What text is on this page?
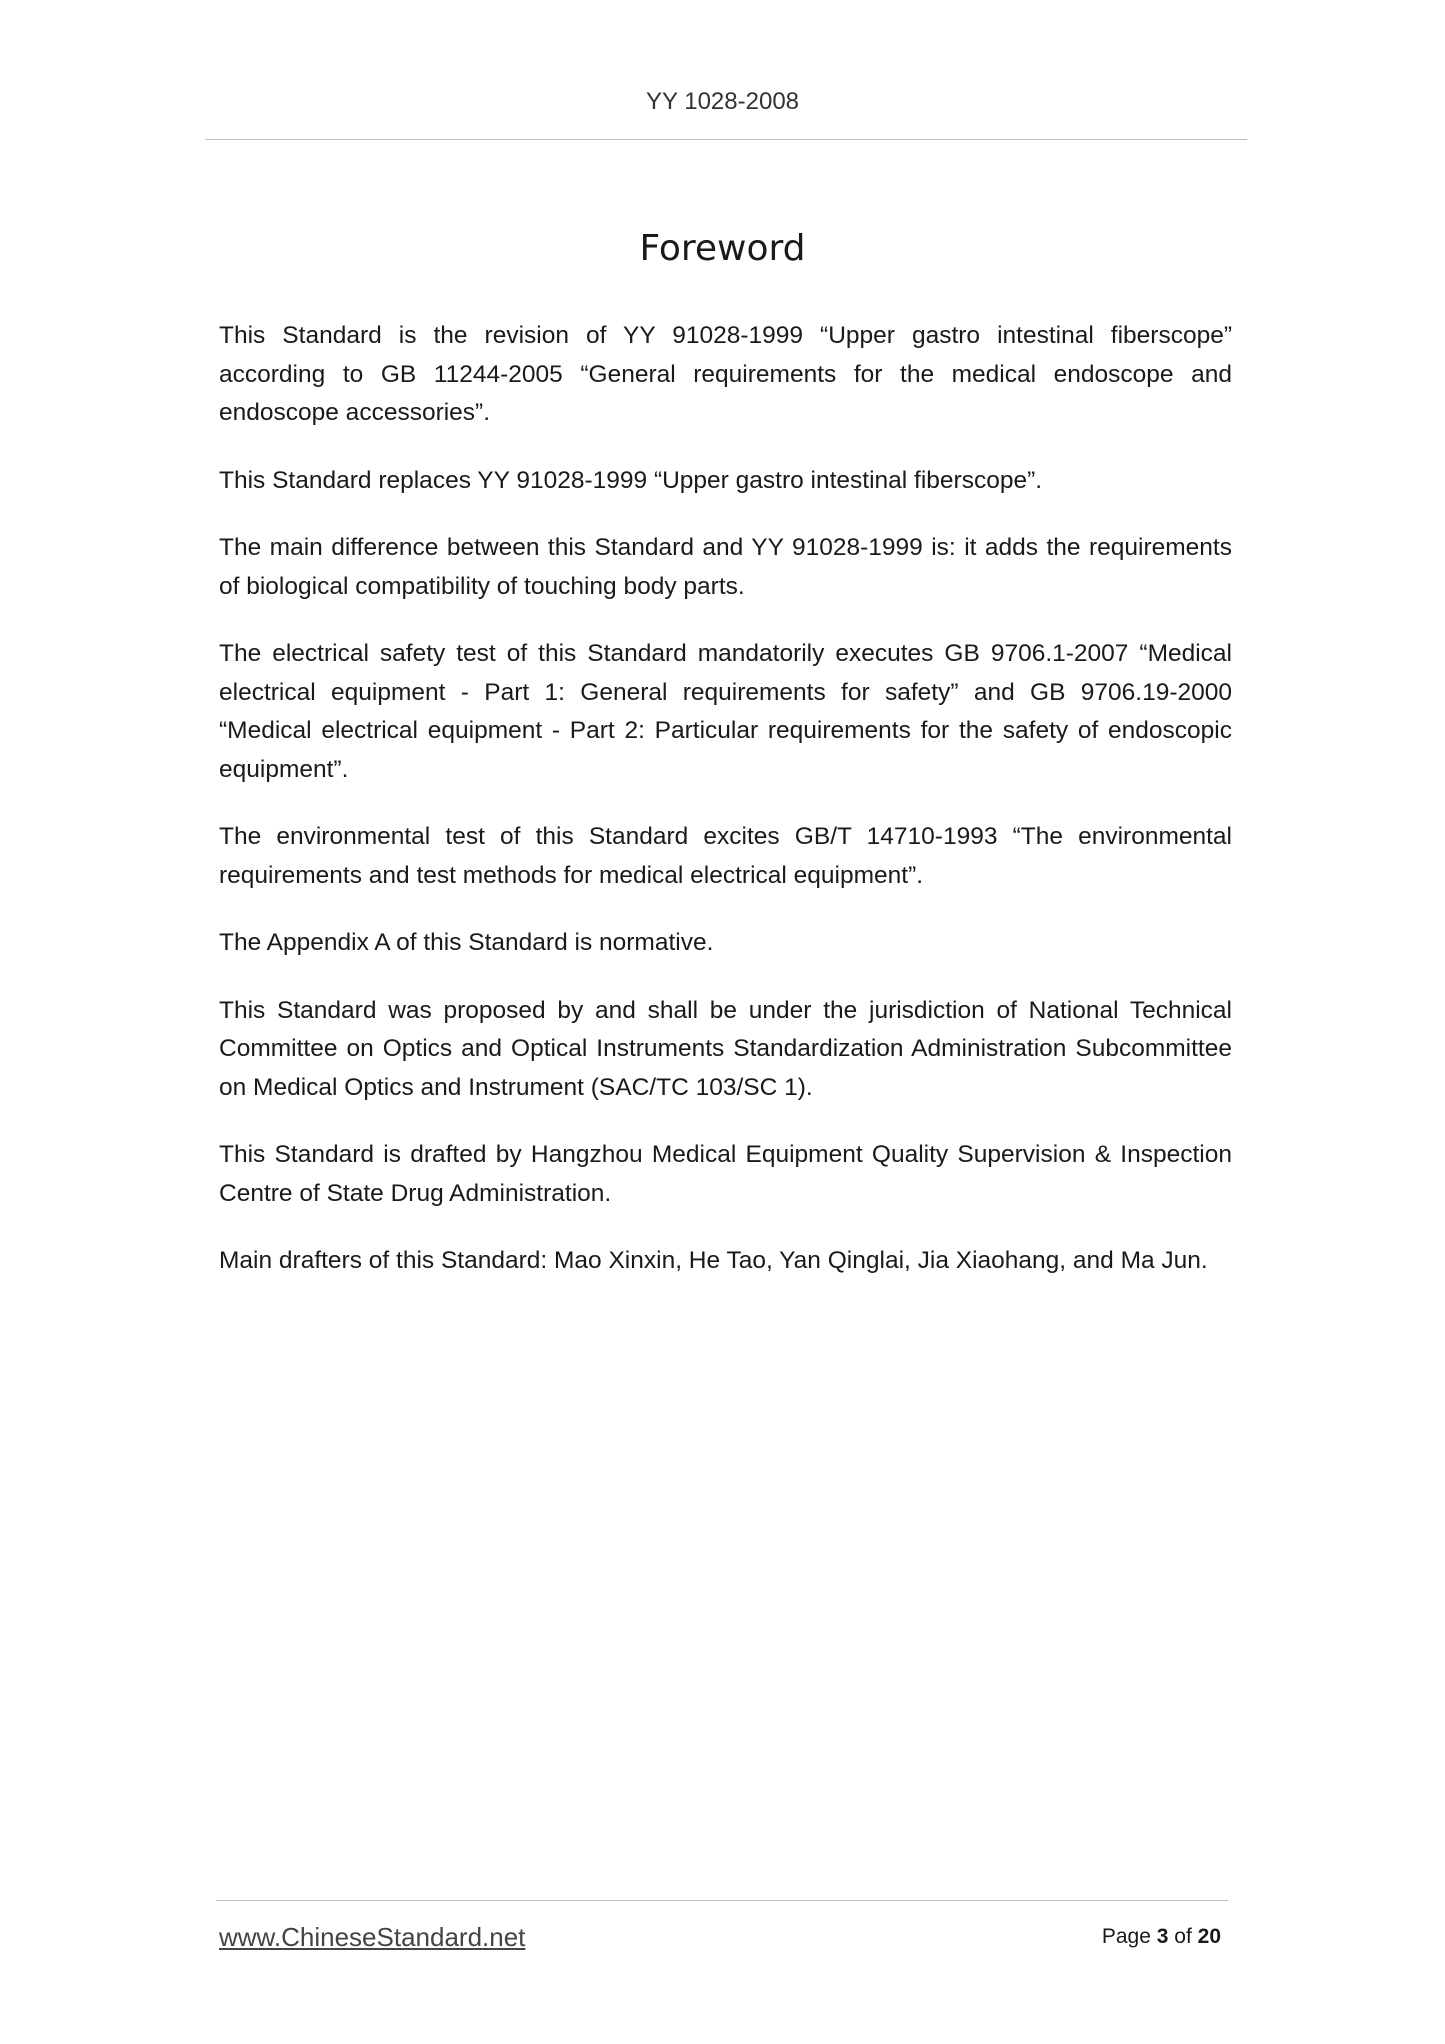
YY 1028-2008
Foreword

This Standard is the revision of YY 91028-1999 “Upper gastro intestinal fiberscope” according to GB 11244-2005 “General requirements for the medical endoscope and endoscope accessories”.

This Standard replaces YY 91028-1999 “Upper gastro intestinal fiberscope”.

The main difference between this Standard and YY 91028-1999 is: it adds the requirements of biological compatibility of touching body parts.

The electrical safety test of this Standard mandatorily executes GB 9706.1-2007 “Medical electrical equipment - Part 1: General requirements for safety” and GB 9706.19-2000 “Medical electrical equipment - Part 2: Particular requirements for the safety of endoscopic equipment”.

The environmental test of this Standard excites GB/T 14710-1993 “The environmental requirements and test methods for medical electrical equipment”.

The Appendix A of this Standard is normative.

This Standard was proposed by and shall be under the jurisdiction of National Technical Committee on Optics and Optical Instruments Standardization Administration Subcommittee on Medical Optics and Instrument (SAC/TC 103/SC 1).

This Standard is drafted by Hangzhou Medical Equipment Quality Supervision & Inspection Centre of State Drug Administration.

Main drafters of this Standard: Mao Xinxin, He Tao, Yan Qinglai, Jia Xiaohang, and Ma Jun.

www.ChineseStandard.net	Page 3 of 20
